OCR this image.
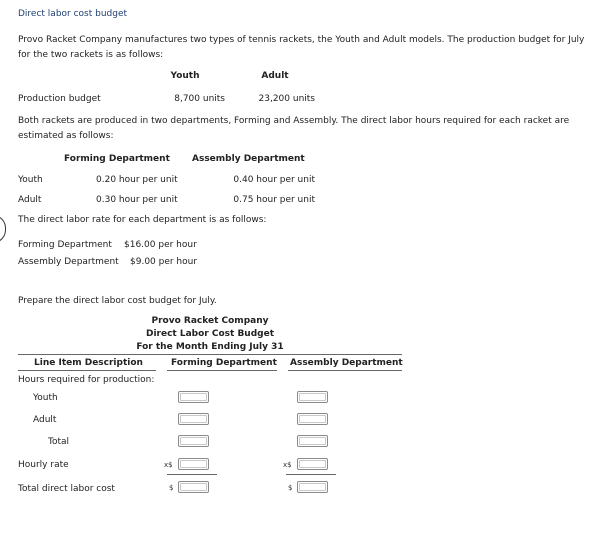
Direct labor cost budget
Provo Racket Company manufactures two types of tennis rackets, the Youth and Adult models. The production budget for July for the two rackets is as follows:
Youth	Adult
Production budget	8,700 units	23,200 units
Both rackets are produced in two departments, Forming and Assembly. The direct labor hours required for each racket are estimated as follows:
Forming Department Assembly Department
Youth	0.20 hour per unit	0.40 hour per unit
Adult	0.30 hour per unit	0.75 hour per unit
The direct labor rate for each department is as follows:
Forming Department $16.00 per hour
Assembly Department $9.00 per hour
Prepare the direct labor cost budget for July.
Provo Racket Company
Direct Labor Cost Budget
For the Month Ending July 31
Line Item Description	Forming Department Assembly Department
Hours required for production:
Youth
Adult
Total
Hourly rate	x$	x$
Total direct labor cost	$	$
